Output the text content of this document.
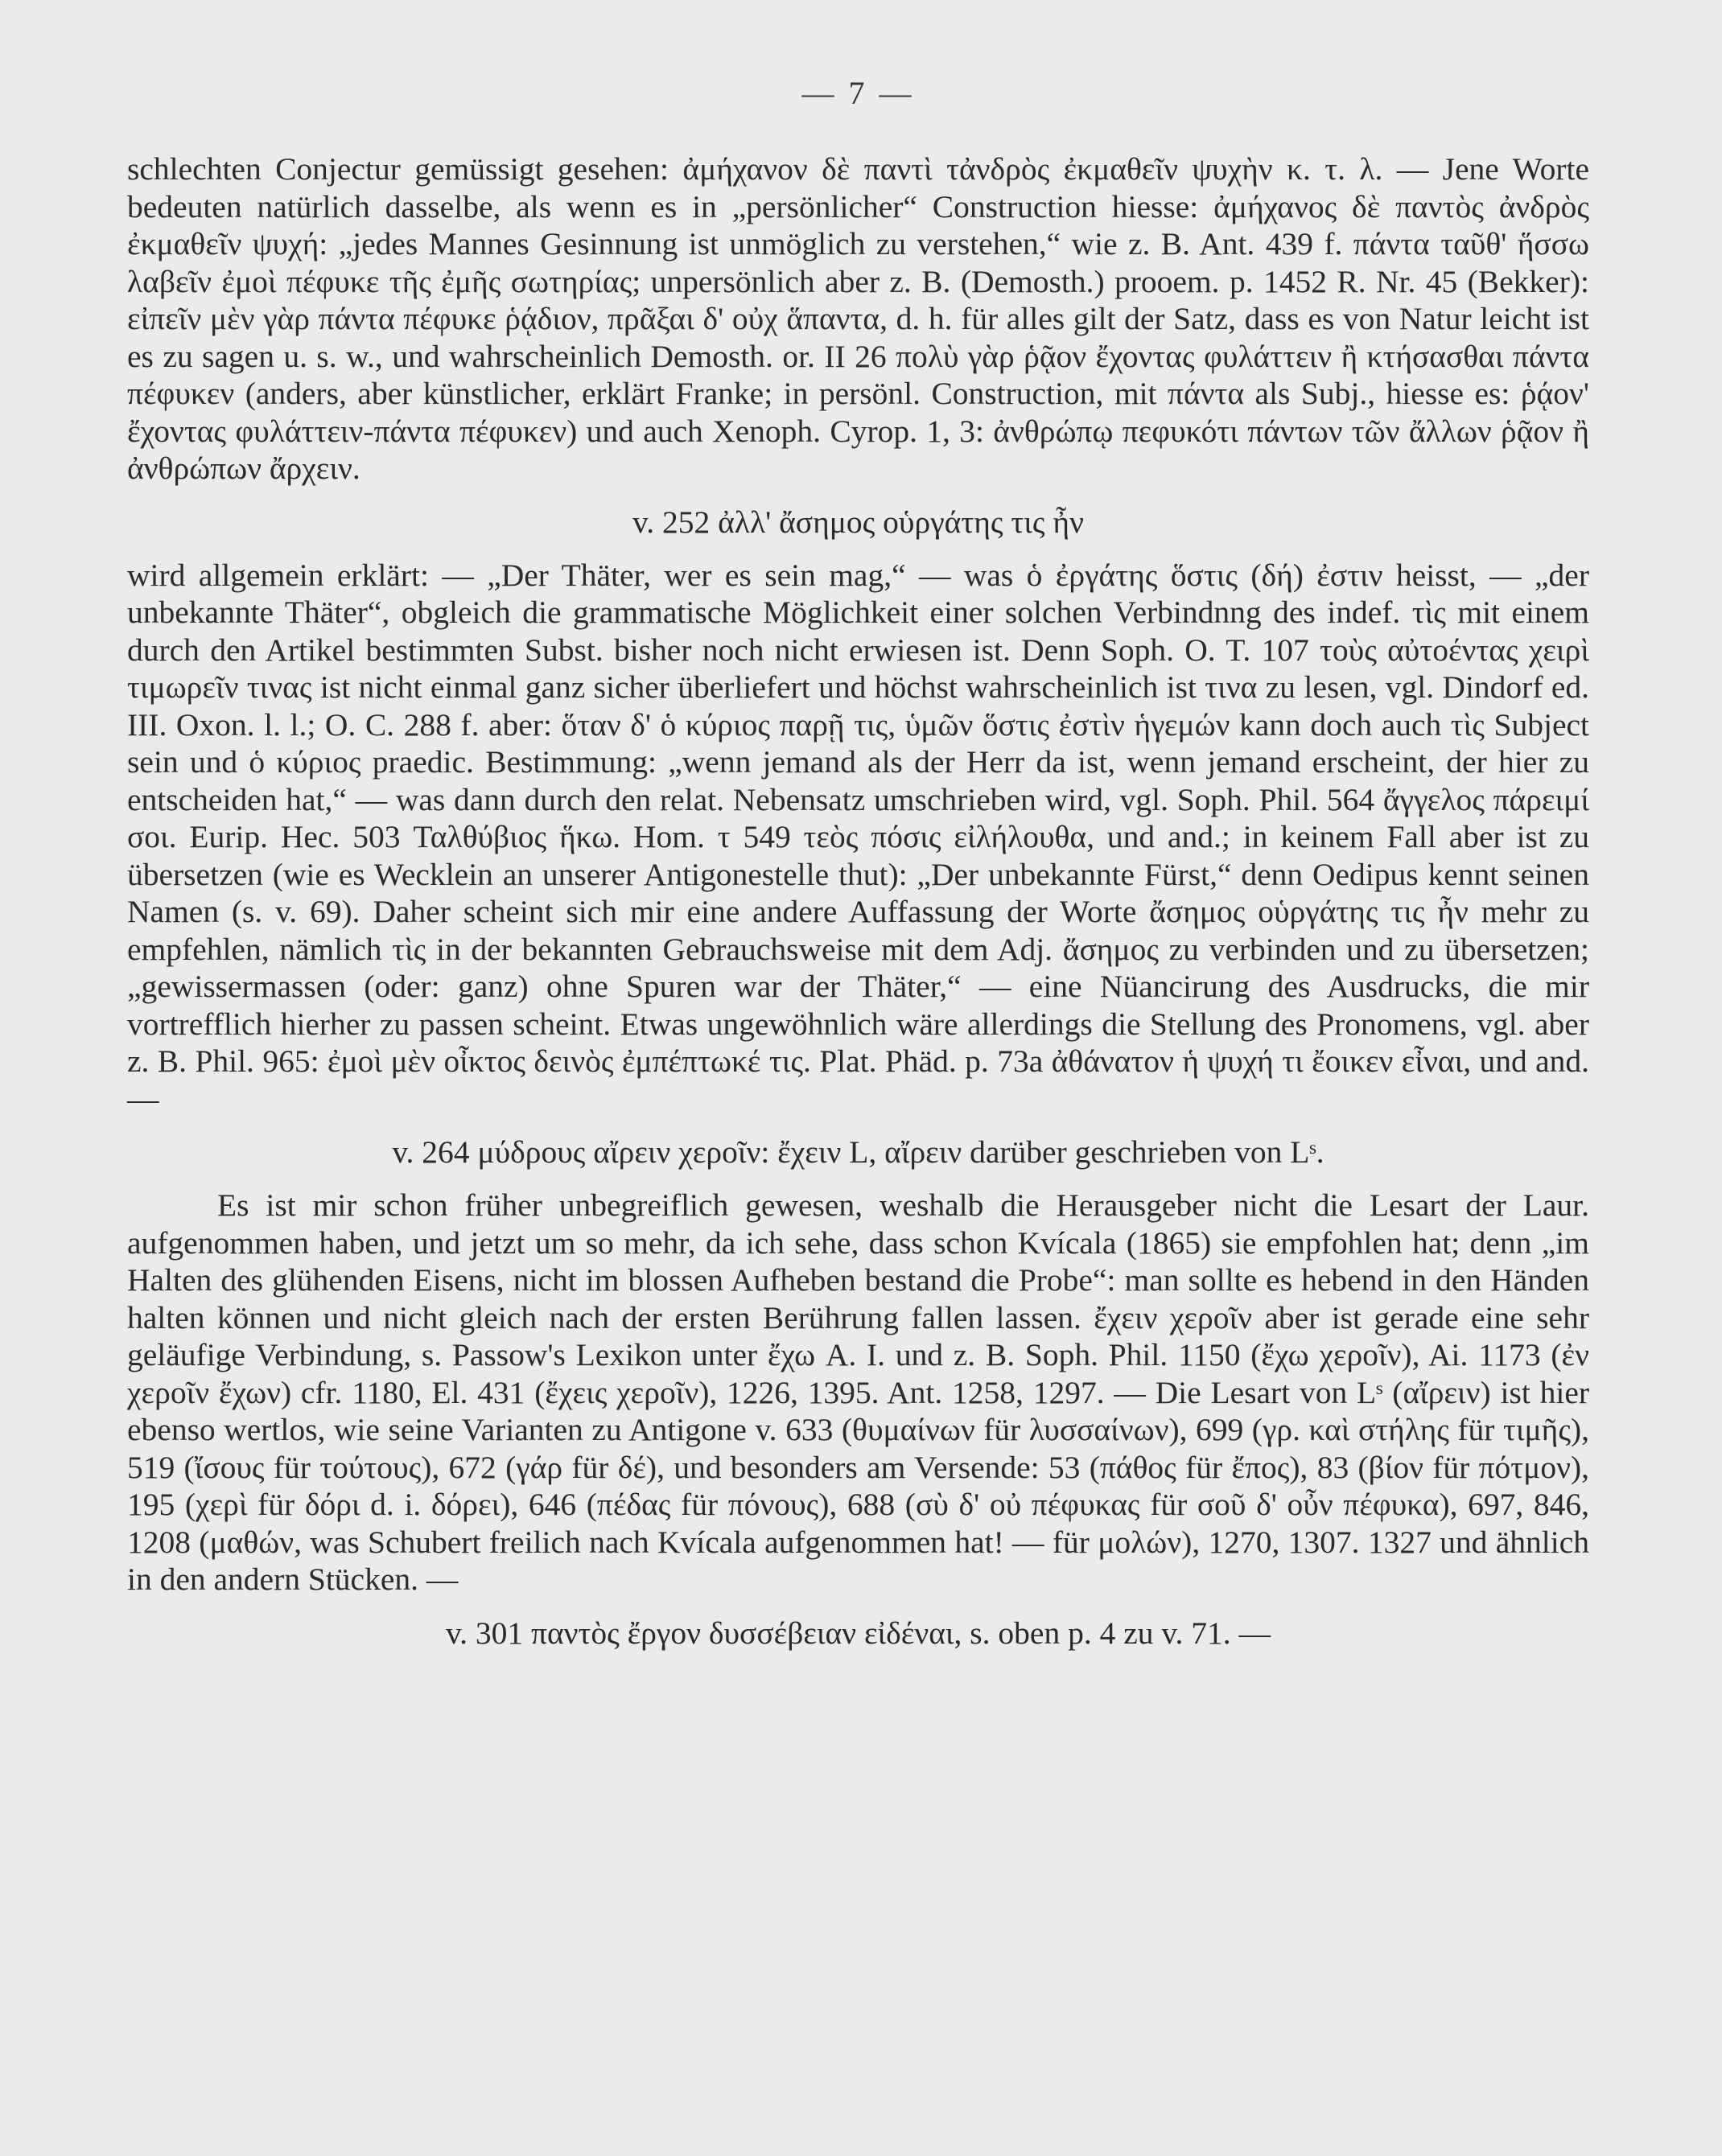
— 7 —

schlechten Conjectur gemüssigt gesehen: ἀμήχανον δὲ παντὶ τἀνδρὸς ἐκμαθεῖν ψυχὴν κ. τ. λ. — Jene Worte bedeuten natürlich dasselbe, als wenn es in „persönlicher“ Construction hiesse: ἀμήχανος δὲ παντὸς ἀνδρὸς ἐκμαθεῖν ψυχή: „jedes Mannes Gesinnung ist unmöglich zu verstehen,“ wie z. B. Ant. 439 f. πάντα ταῦθ' ἥσσω λαβεῖν ἐμοὶ πέφυκε τῆς ἐμῆς σωτηρίας; unpersönlich aber z. B. (Demosth.) prooem. p. 1452 R. Nr. 45 (Bekker): εἰπεῖν μὲν γὰρ πάντα πέφυκε ῥᾴδιον, πρᾶξαι δ' οὐχ ἅπαντα, d. h. für alles gilt der Satz, dass es von Natur leicht ist es zu sagen u. s. w., und wahrscheinlich Demosth. or. II 26 πολὺ γὰρ ῥᾷον ἔχοντας φυλάττειν ἢ κτήσασθαι πάντα πέφυκεν (anders, aber künstlicher, erklärt Franke; in persönl. Construction, mit πάντα als Subj., hiesse es: ῥᾴον' ἔχοντας φυλάττειν-πάντα πέφυκεν) und auch Xenoph. Cyrop. 1, 3: ἀνθρώπῳ πεφυκότι πάντων τῶν ἄλλων ῥᾷον ἢ ἀνθρώπων ἄρχειν.

v. 252 ἀλλ' ἄσημος οὑργάτης τις ἦν

wird allgemein erklärt: — „Der Thäter, wer es sein mag,“ — was ὁ ἐργάτης ὅστις (δή) ἐστιν heisst, — „der unbekannte Thäter“, obgleich die grammatische Möglichkeit einer solchen Verbindnng des indef. τὶς mit einem durch den Artikel bestimmten Subst. bisher noch nicht erwiesen ist. Denn Soph. O. T. 107 τοὺς αὐτοέντας χειρὶ τιμωρεῖν τινας ist nicht einmal ganz sicher überliefert und höchst wahrscheinlich ist τινα zu lesen, vgl. Dindorf ed. III. Oxon. l. l.; O. C. 288 f. aber: ὅταν δ' ὁ κύριος παρῇ τις, ὑμῶν ὅστις ἐστὶν ἡγεμών kann doch auch τὶς Subject sein und ὁ κύριος praedic. Bestimmung: „wenn jemand als der Herr da ist, wenn jemand erscheint, der hier zu entscheiden hat,“ — was dann durch den relat. Nebensatz umschrieben wird, vgl. Soph. Phil. 564 ἄγγελος πάρειμί σοι. Eurip. Hec. 503 Ταλθύβιος ἥκω. Hom. τ 549 τεὸς πόσις εἰλήλουθα, und and.; in keinem Fall aber ist zu übersetzen (wie es Wecklein an unserer Antigonestelle thut): „Der unbekannte Fürst,“ denn Oedipus kennt seinen Namen (s. v. 69). Daher scheint sich mir eine andere Auffassung der Worte ἄσημος οὑργάτης τις ἦν mehr zu empfehlen, nämlich τὶς in der bekannten Gebrauchsweise mit dem Adj. ἄσημος zu verbinden und zu übersetzen; „gewissermassen (oder: ganz) ohne Spuren war der Thäter,“ — eine Nüancirung des Ausdrucks, die mir vortrefflich hierher zu passen scheint. Etwas ungewöhnlich wäre allerdings die Stellung des Pronomens, vgl. aber z. B. Phil. 965: ἐμοὶ μὲν οἶκτος δεινὸς ἐμπέπτωκέ τις. Plat. Phäd. p. 73a ἀθάνατον ἡ ψυχή τι ἔοικεν εἶναι, und and. —

v. 264 μύδρους αἴρειν χεροῖν: ἔχειν L, αἴρειν darüber geschrieben von Lˢ.

Es ist mir schon früher unbegreiflich gewesen, weshalb die Herausgeber nicht die Lesart der Laur. aufgenommen haben, und jetzt um so mehr, da ich sehe, dass schon Kvícala (1865) sie empfohlen hat; denn „im Halten des glühenden Eisens, nicht im blossen Aufheben bestand die Probe“: man sollte es hebend in den Händen halten können und nicht gleich nach der ersten Berührung fallen lassen. ἔχειν χεροῖν aber ist gerade eine sehr geläufige Verbindung, s. Passow's Lexikon unter ἔχω A. I. und z. B. Soph. Phil. 1150 (ἔχω χεροῖν), Ai. 1173 (ἐν χεροῖν ἔχων) cfr. 1180, El. 431 (ἔχεις χεροῖν), 1226, 1395. Ant. 1258, 1297. — Die Lesart von Lˢ (αἴρειν) ist hier ebenso wertlos, wie seine Varianten zu Antigone v. 633 (θυμαίνων für λυσσαίνων), 699 (γρ. καὶ στήλης für τιμῆς), 519 (ἴσους für τούτους), 672 (γάρ für δέ), und besonders am Versende: 53 (πάθος für ἔπος), 83 (βίον für πότμον), 195 (χερὶ für δόρι d. i. δόρει), 646 (πέδας für πόνους), 688 (σὺ δ' οὐ πέφυκας für σοῦ δ' οὖν πέφυκα), 697, 846, 1208 (μαθών, was Schubert freilich nach Kvícala aufgenommen hat! — für μολών), 1270, 1307. 1327 und ähnlich in den andern Stücken. —

v. 301 παντὸς ἔργον δυσσέβειαν εἰδέναι, s. oben p. 4 zu v. 71. —
